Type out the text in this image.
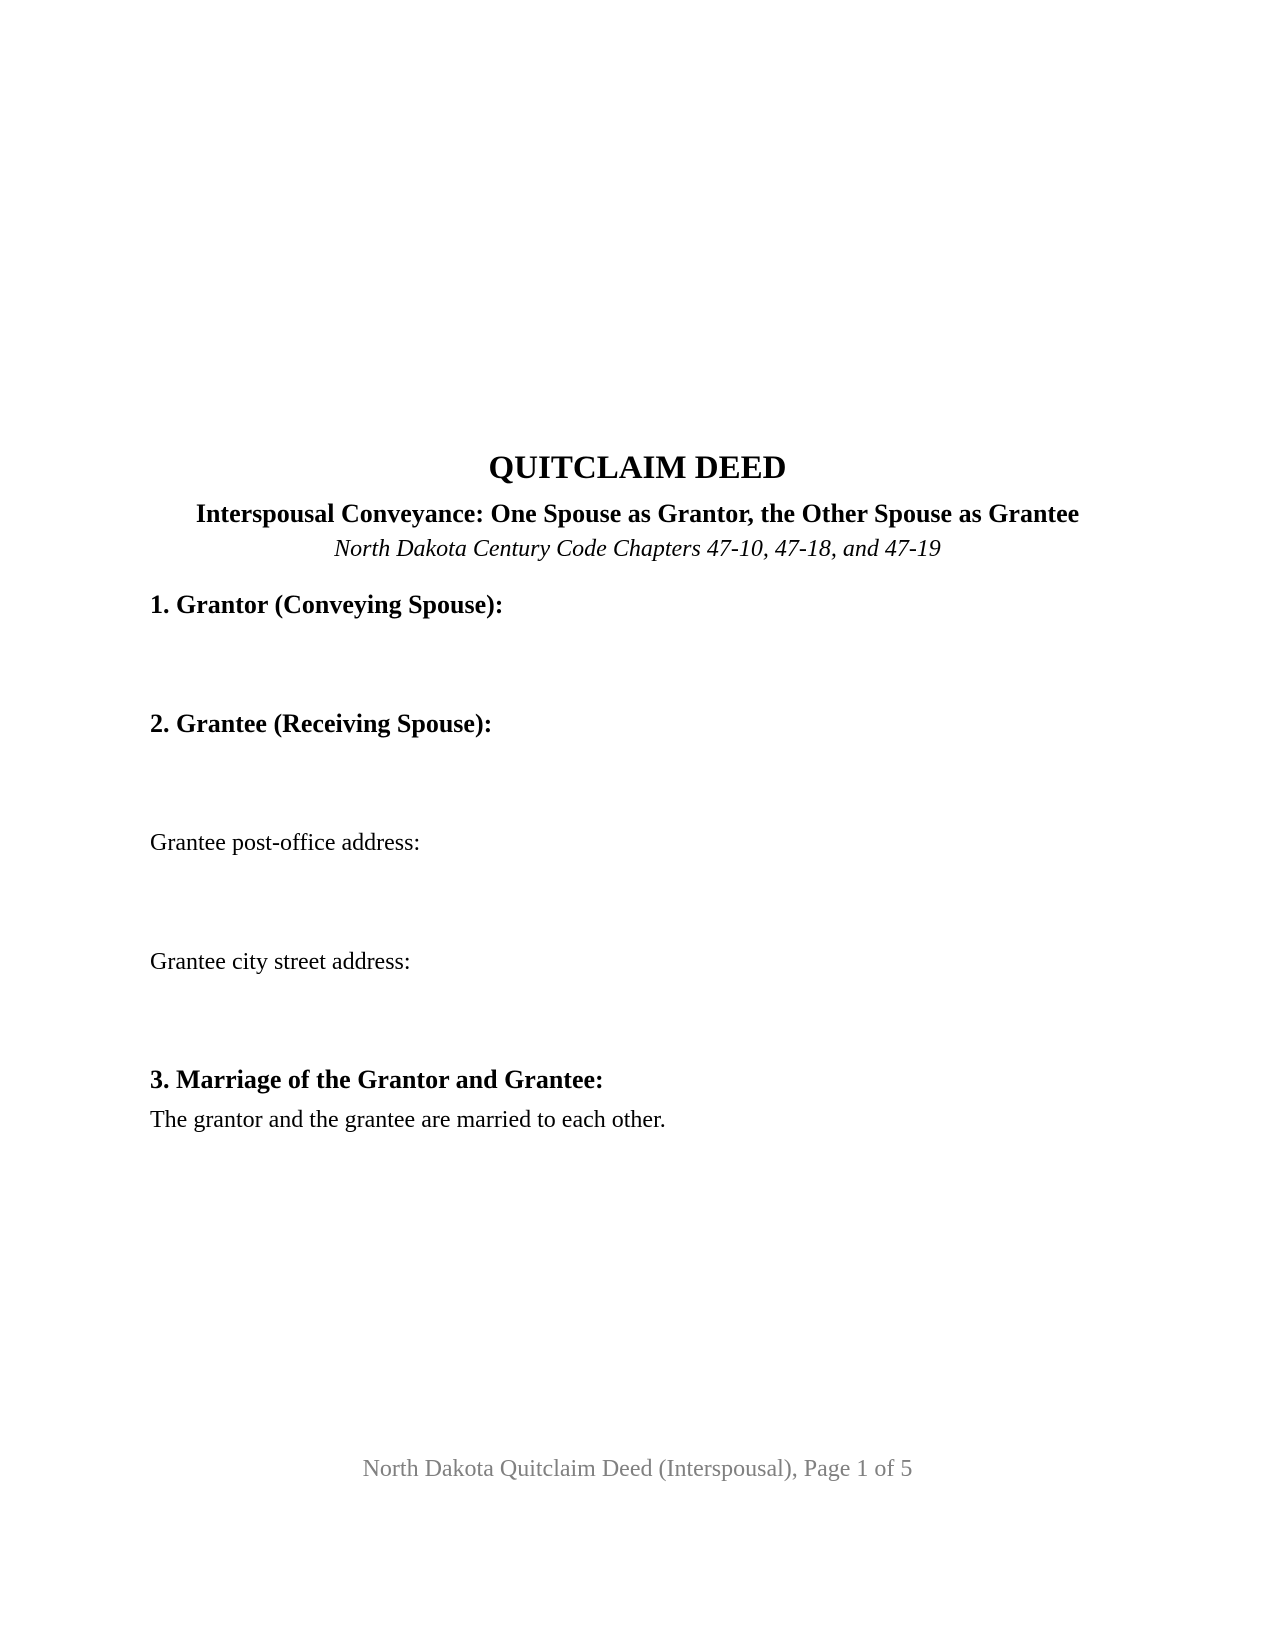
QUITCLAIM DEED
Interspousal Conveyance: One Spouse as Grantor, the Other Spouse as Grantee
North Dakota Century Code Chapters 47-10, 47-18, and 47-19
1. Grantor (Conveying Spouse):
2. Grantee (Receiving Spouse):
Grantee post-office address:
Grantee city street address:
3. Marriage of the Grantor and Grantee:
The grantor and the grantee are married to each other.
North Dakota Quitclaim Deed (Interspousal), Page 1 of 5
